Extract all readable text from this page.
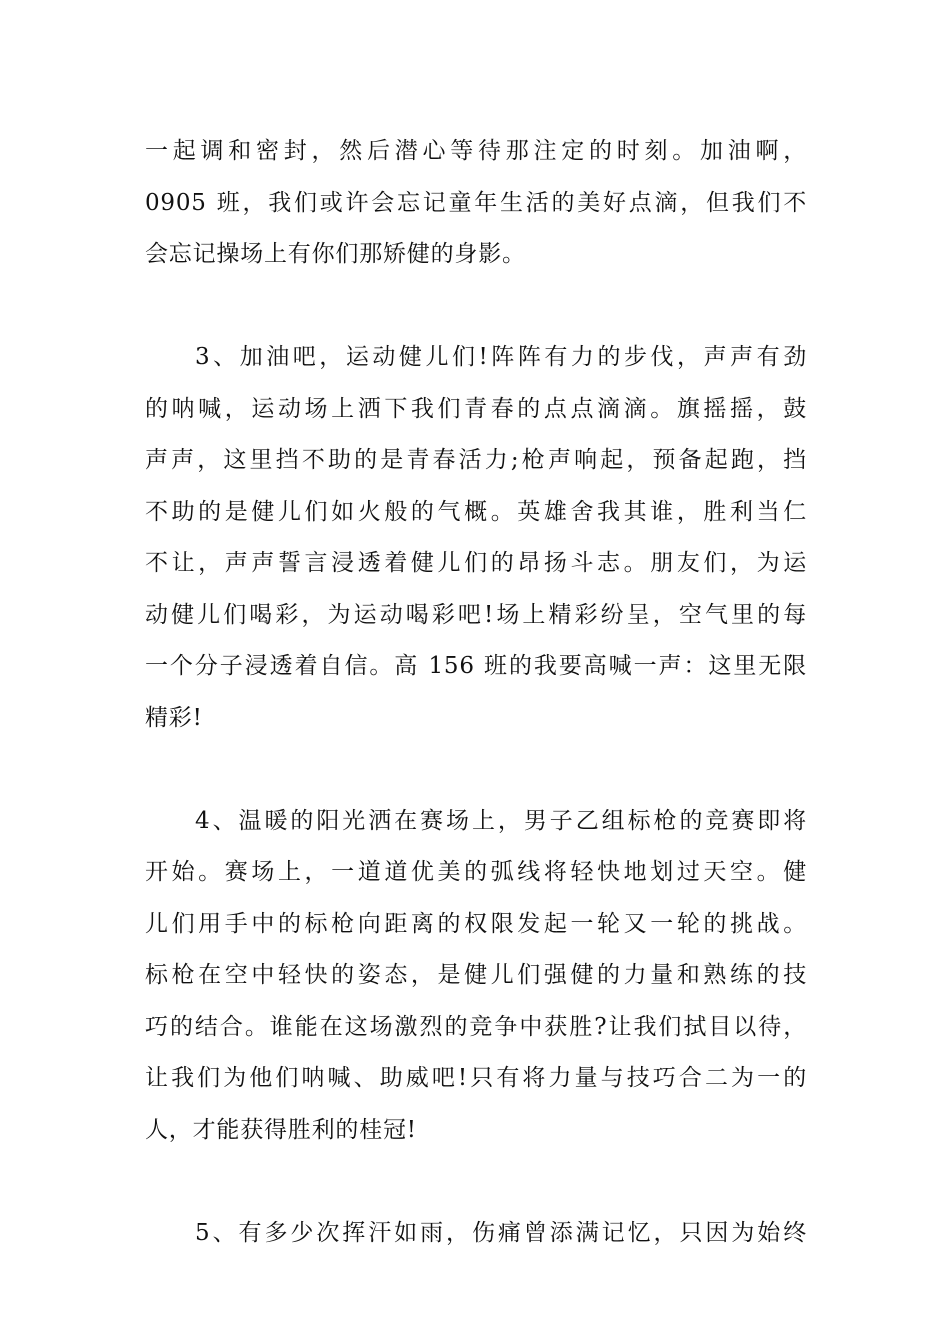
一起调和密封，然后潜心等待那注定的时刻。加油啊，
0905 班，我们或许会忘记童年生活的美好点滴，但我们不
会忘记操场上有你们那矫健的身影。
3、加油吧，运动健儿们!阵阵有力的步伐，声声有劲
的呐喊，运动场上洒下我们青春的点点滴滴。旗摇摇，鼓
声声，这里挡不助的是青春活力;枪声响起，预备起跑，挡
不助的是健儿们如火般的气概。英雄舍我其谁，胜利当仁
不让，声声誓言浸透着健儿们的昂扬斗志。朋友们，为运
动健儿们喝彩，为运动喝彩吧!场上精彩纷呈，空气里的每
一个分子浸透着自信。高 156 班的我要高喊一声：这里无限
精彩!
4、温暖的阳光洒在赛场上，男子乙组标枪的竞赛即将
开始。赛场上，一道道优美的弧线将轻快地划过天空。健
儿们用手中的标枪向距离的权限发起一轮又一轮的挑战。
标枪在空中轻快的姿态，是健儿们强健的力量和熟练的技
巧的结合。谁能在这场激烈的竞争中获胜?让我们拭目以待，
让我们为他们呐喊、助威吧!只有将力量与技巧合二为一的
人，才能获得胜利的桂冠!
5、有多少次挥汗如雨，伤痛曾添满记忆，只因为始终
